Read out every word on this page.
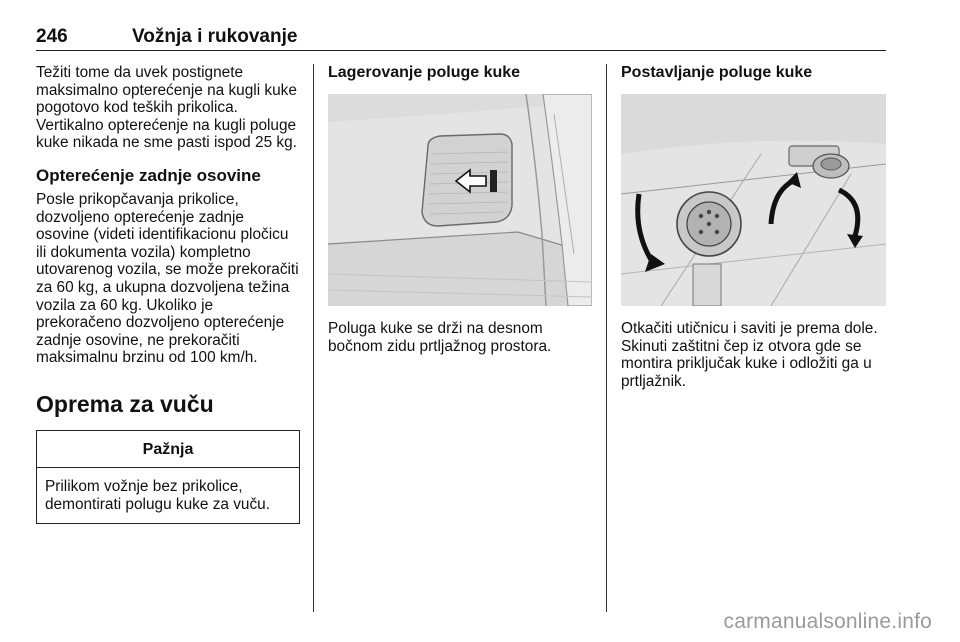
246	Vožnja i rukovanje

Težiti tome da uvek postignete maksimalno opterećenje na kugli kuke pogotovo kod teških prikolica. Vertikalno opterećenje na kugli poluge kuke nikada ne sme pasti ispod 25 kg.

Opterećenje zadnje osovine

Posle prikopčavanja prikolice, dozvoljeno opterećenje zadnje osovine (videti identifikacionu pločicu ili dokumenta vozila) kompletno utovarenog vozila, se može prekoračiti za 60 kg, a ukupna dozvoljena težina vozila za 60 kg. Ukoliko je prekoračeno dozvoljeno opterećenje zadnje osovine, ne prekoračiti maksimalnu brzinu od 100 km/h.

Oprema za vuču
Pažnja
Prilikom vožnje bez prikolice, demontirati polugu kuke za vuču.
Lagerovanje poluge kuke

Poluga kuke se drži na desnom bočnom zidu prtljažnog prostora.

Postavljanje poluge kuke

Otkačiti utičnicu i saviti je prema dole. Skinuti zaštitni čep iz otvora gde se montira priključak kuke i odložiti ga u prtljažnik.

carmanualsonline.info
